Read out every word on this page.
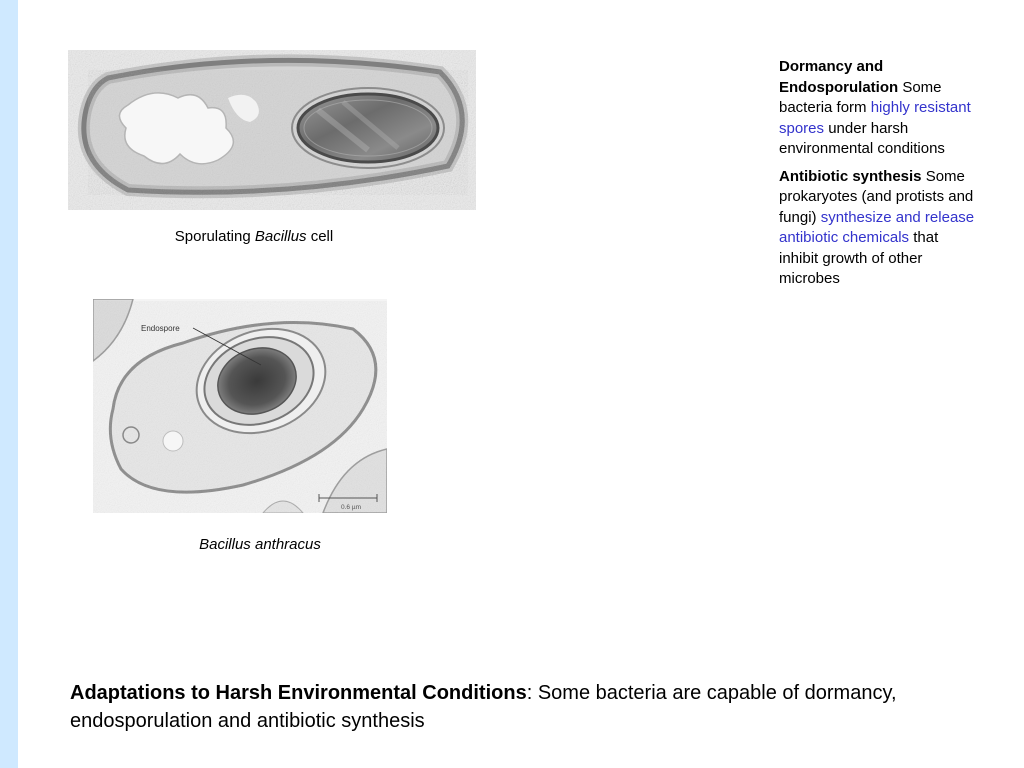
Sporulating Bacillus cell
Endospore
0.6 µm
Bacillus anthracus

Dormancy and Endosporulation Some bacteria form highly resistant spores under harsh environmental conditions

Antibiotic synthesis Some prokaryotes (and protists and fungi) synthesize and release antibiotic chemicals that inhibit growth of other microbes

Adaptations to Harsh Environmental Conditions: Some bacteria are capable of dormancy, endosporulation and antibiotic synthesis
